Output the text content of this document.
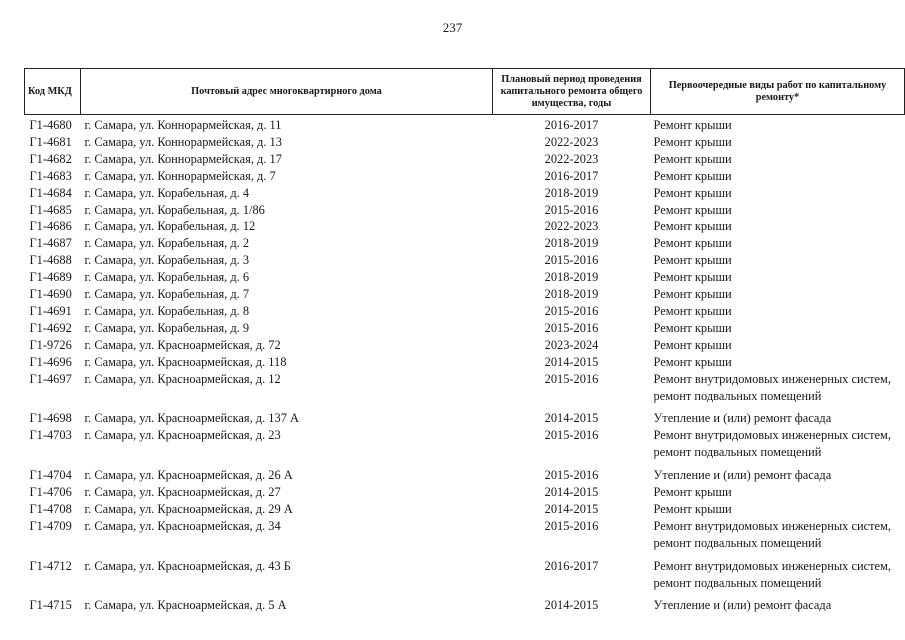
237
Код МКД	Почтовый адрес многоквартирного дома	Плановый период проведения капитального ремонта общего имущества, годы	Первоочередные виды работ по капитальному ремонту*
Г1-4680	г. Самара, ул. Коннорармейская, д. 11	2016-2017	Ремонт крыши

Г1-4681	г. Самара, ул. Коннорармейская, д. 13	2022-2023	Ремонт крыши

Г1-4682	г. Самара, ул. Коннорармейская, д. 17	2022-2023	Ремонт крыши

Г1-4683	г. Самара, ул. Коннорармейская, д. 7	2016-2017	Ремонт крыши

Г1-4684	г. Самара, ул. Корабельная, д. 4	2018-2019	Ремонт крыши

Г1-4685	г. Самара, ул. Корабельная, д. 1/86	2015-2016	Ремонт крыши

Г1-4686	г. Самара, ул. Корабельная, д. 12	2022-2023	Ремонт крыши

Г1-4687	г. Самара, ул. Корабельная, д. 2	2018-2019	Ремонт крыши

Г1-4688	г. Самара, ул. Корабельная, д. 3	2015-2016	Ремонт крыши

Г1-4689	г. Самара, ул. Корабельная, д. 6	2018-2019	Ремонт крыши

Г1-4690	г. Самара, ул. Корабельная, д. 7	2018-2019	Ремонт крыши

Г1-4691	г. Самара, ул. Корабельная, д. 8	2015-2016	Ремонт крыши

Г1-4692	г. Самара, ул. Корабельная, д. 9	2015-2016	Ремонт крыши

Г1-9726	г. Самара, ул. Красноармейская, д. 72	2023-2024	Ремонт крыши

Г1-4696	г. Самара, ул. Красноармейская, д. 118	2014-2015	Ремонт крыши

Г1-4697	г. Самара, ул. Красноармейская, д. 12	2015-2016	Ремонт внутридомовых инженерных систем,
ремонт подвальных помещений

Г1-4698	г. Самара, ул. Красноармейская, д. 137 А	2014-2015	Утепление и (или) ремонт фасада

Г1-4703	г. Самара, ул. Красноармейская, д. 23	2015-2016	Ремонт внутридомовых инженерных систем,
ремонт подвальных помещений

Г1-4704	г. Самара, ул. Красноармейская, д. 26 А	2015-2016	Утепление и (или) ремонт фасада

Г1-4706	г. Самара, ул. Красноармейская, д. 27	2014-2015	Ремонт крыши

Г1-4708	г. Самара, ул. Красноармейская, д. 29 А	2014-2015	Ремонт крыши

Г1-4709	г. Самара, ул. Красноармейская, д. 34	2015-2016	Ремонт внутридомовых инженерных систем,
ремонт подвальных помещений

Г1-4712	г. Самара, ул. Красноармейская, д. 43 Б	2016-2017	Ремонт внутридомовых инженерных систем,
ремонт подвальных помещений

Г1-4715	г. Самара, ул. Красноармейская, д. 5 А	2014-2015	Утепление и (или) ремонт фасада
